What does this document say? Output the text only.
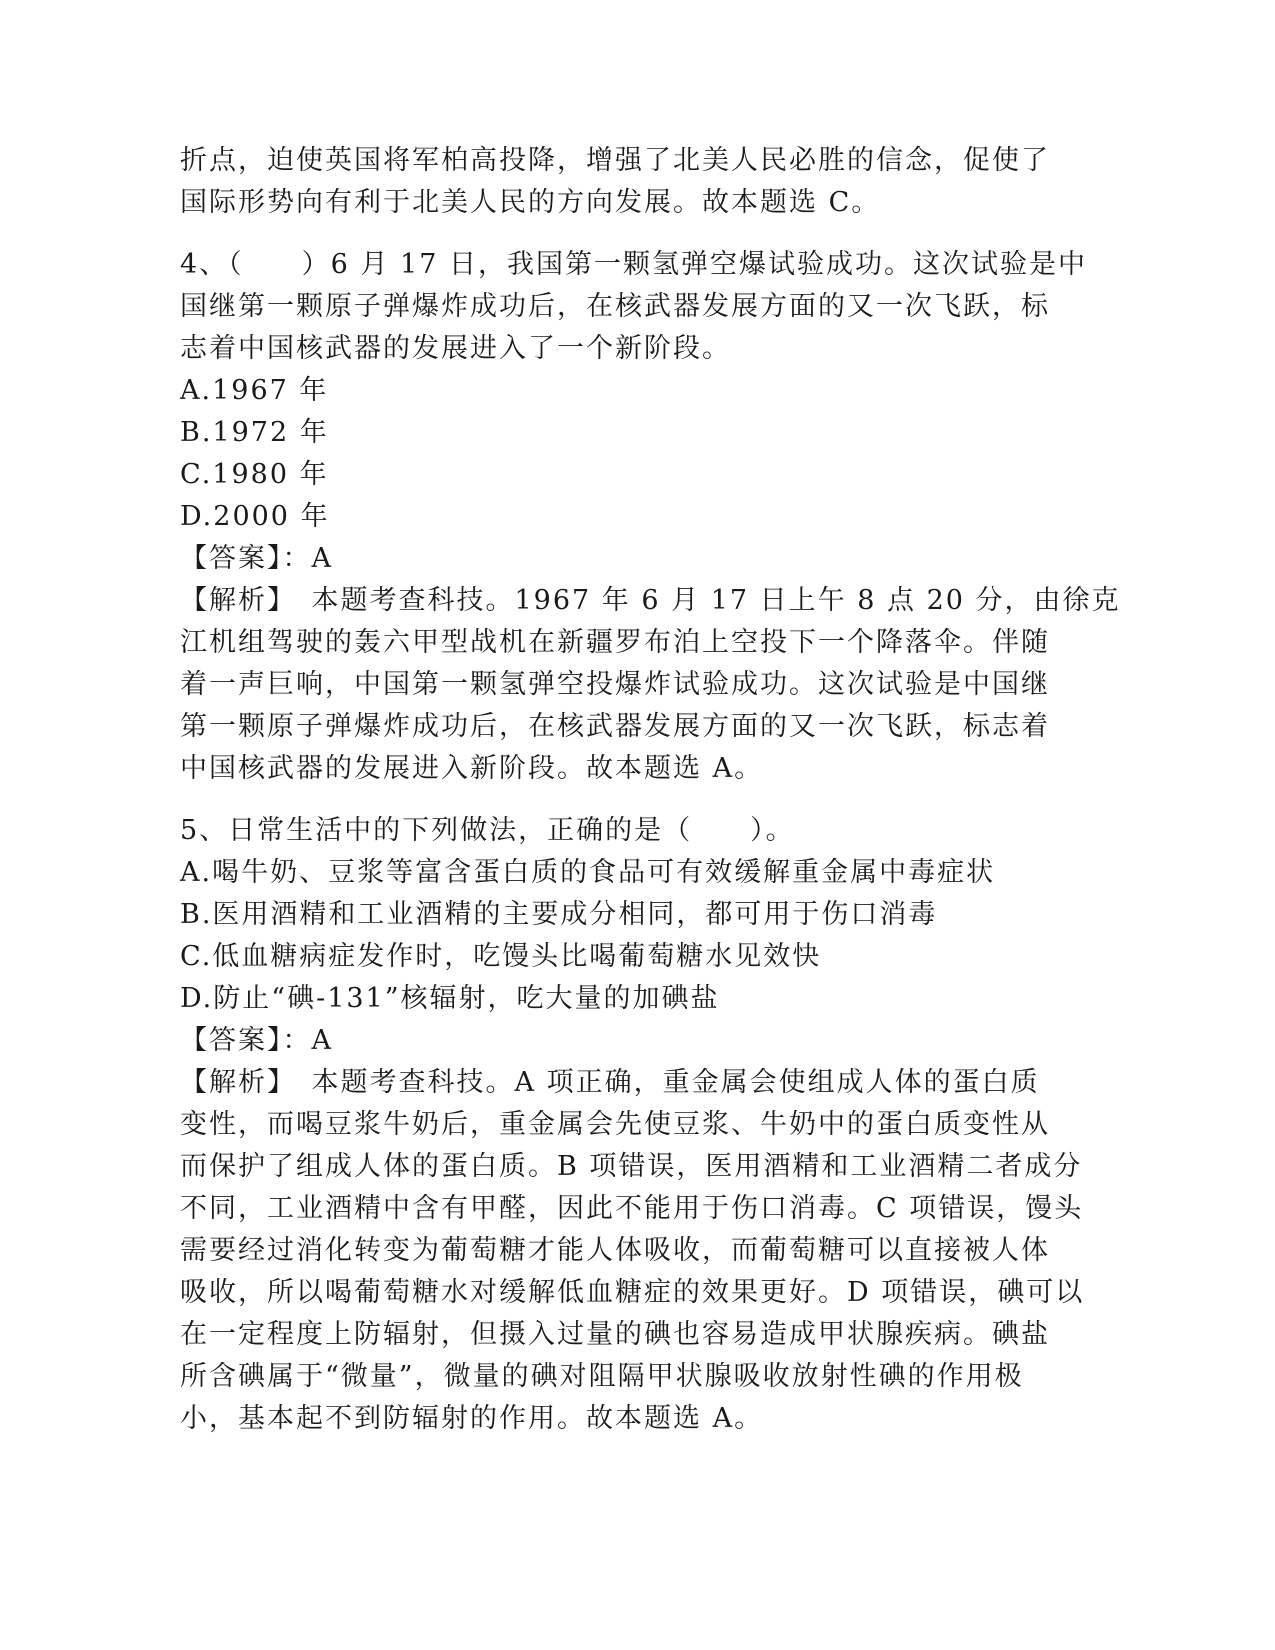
折点，迫使英国将军柏高投降，增强了北美人民必胜的信念，促使了
国际形势向有利于北美人民的方向发展。故本题选 C。
4、（　　）6 月 17 日，我国第一颗氢弹空爆试验成功。这次试验是中
国继第一颗原子弹爆炸成功后，在核武器发展方面的又一次飞跃，标
志着中国核武器的发展进入了一个新阶段。
A.1967 年
B.1972 年
C.1980 年
D.2000 年
【答案】：A
【解析】　本题考查科技。1967 年 6 月 17 日上午 8 点 20 分，由徐克
江机组驾驶的轰六甲型战机在新疆罗布泊上空投下一个降落伞。伴随
着一声巨响，中国第一颗氢弹空投爆炸试验成功。这次试验是中国继
第一颗原子弹爆炸成功后，在核武器发展方面的又一次飞跃，标志着
中国核武器的发展进入新阶段。故本题选 A。
5、日常生活中的下列做法，正确的是（　　）。
A.喝牛奶、豆浆等富含蛋白质的食品可有效缓解重金属中毒症状
B.医用酒精和工业酒精的主要成分相同，都可用于伤口消毒
C.低血糖病症发作时，吃馒头比喝葡萄糖水见效快
D.防止“碘-131”核辐射，吃大量的加碘盐
【答案】：A
【解析】　本题考查科技。A 项正确，重金属会使组成人体的蛋白质
变性，而喝豆浆牛奶后，重金属会先使豆浆、牛奶中的蛋白质变性从
而保护了组成人体的蛋白质。B 项错误，医用酒精和工业酒精二者成分
不同，工业酒精中含有甲醛，因此不能用于伤口消毒。C 项错误，馒头
需要经过消化转变为葡萄糖才能人体吸收，而葡萄糖可以直接被人体
吸收，所以喝葡萄糖水对缓解低血糖症的效果更好。D 项错误，碘可以
在一定程度上防辐射，但摄入过量的碘也容易造成甲状腺疾病。碘盐
所含碘属于“微量”，微量的碘对阻隔甲状腺吸收放射性碘的作用极
小，基本起不到防辐射的作用。故本题选 A。
